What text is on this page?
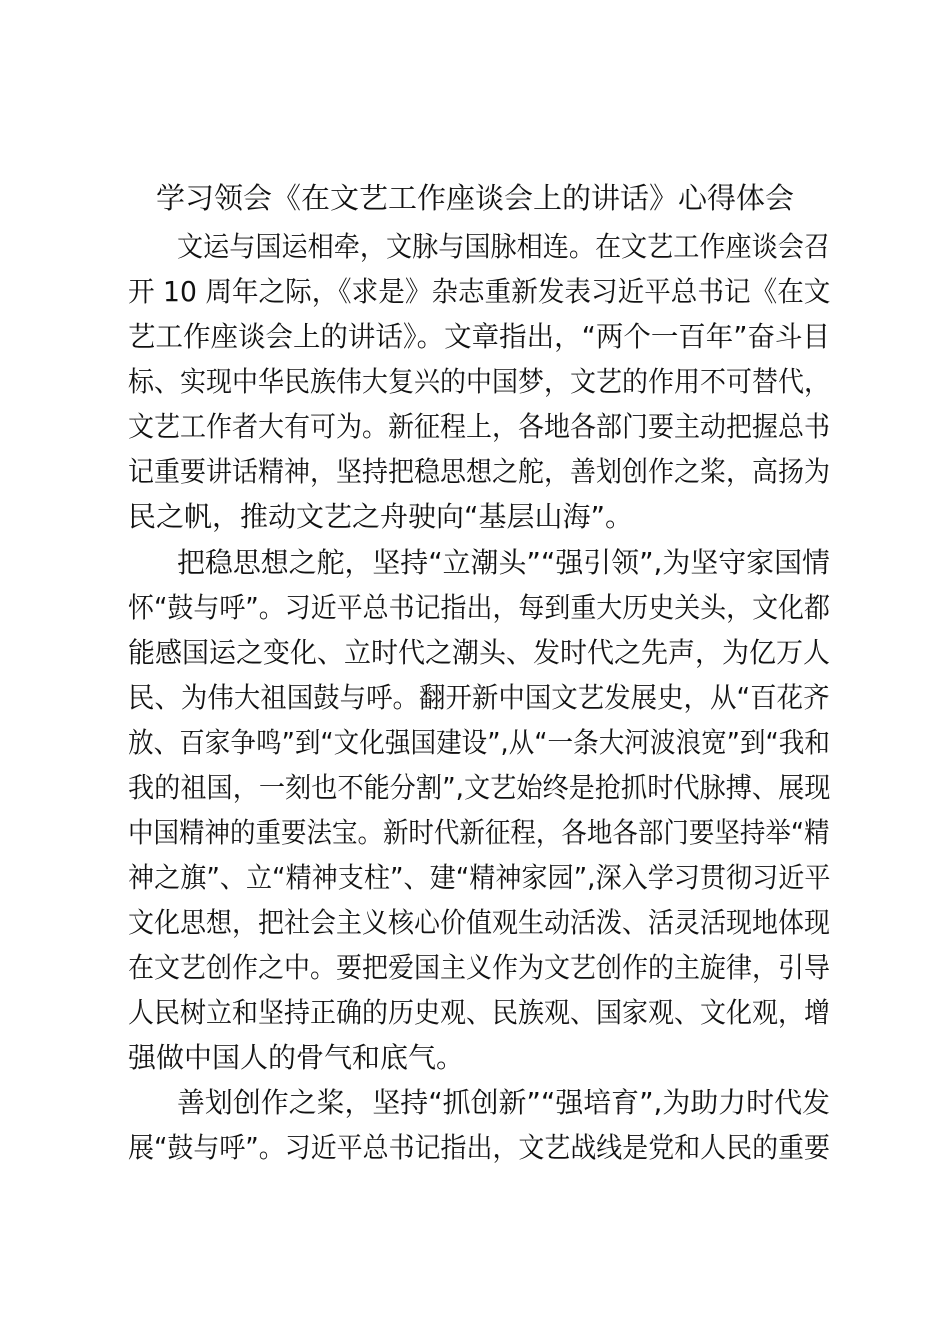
学习领会《在文艺工作座谈会上的讲话》心得体会
文运与国运相牵，文脉与国脉相连。在文艺工作座谈会召
开 10 周年之际，《求是》杂志重新发表习近平总书记《在文
艺工作座谈会上的讲话》。文章指出，“两个一百年”奋斗目
标、实现中华民族伟大复兴的中国梦，文艺的作用不可替代，
文艺工作者大有可为。新征程上，各地各部门要主动把握总书
记重要讲话精神，坚持把稳思想之舵，善划创作之桨，高扬为
民之帆，推动文艺之舟驶向“基层山海”。
把稳思想之舵，坚持“立潮头”“强引领”,为坚守家国情
怀“鼓与呼”。习近平总书记指出，每到重大历史关头，文化都
能感国运之变化、立时代之潮头、发时代之先声，为亿万人
民、为伟大祖国鼓与呼。翻开新中国文艺发展史，从“百花齐
放、百家争鸣”到“文化强国建设”,从“一条大河波浪宽”到“我和
我的祖国，一刻也不能分割”,文艺始终是抢抓时代脉搏、展现
中国精神的重要法宝。新时代新征程，各地各部门要坚持举“精
神之旗”、立“精神支柱”、建“精神家园”,深入学习贯彻习近平
文化思想，把社会主义核心价值观生动活泼、活灵活现地体现
在文艺创作之中。要把爱国主义作为文艺创作的主旋律，引导
人民树立和坚持正确的历史观、民族观、国家观、文化观，增
强做中国人的骨气和底气。
善划创作之桨，坚持“抓创新”“强培育”,为助力时代发
展“鼓与呼”。习近平总书记指出，文艺战线是党和人民的重要
